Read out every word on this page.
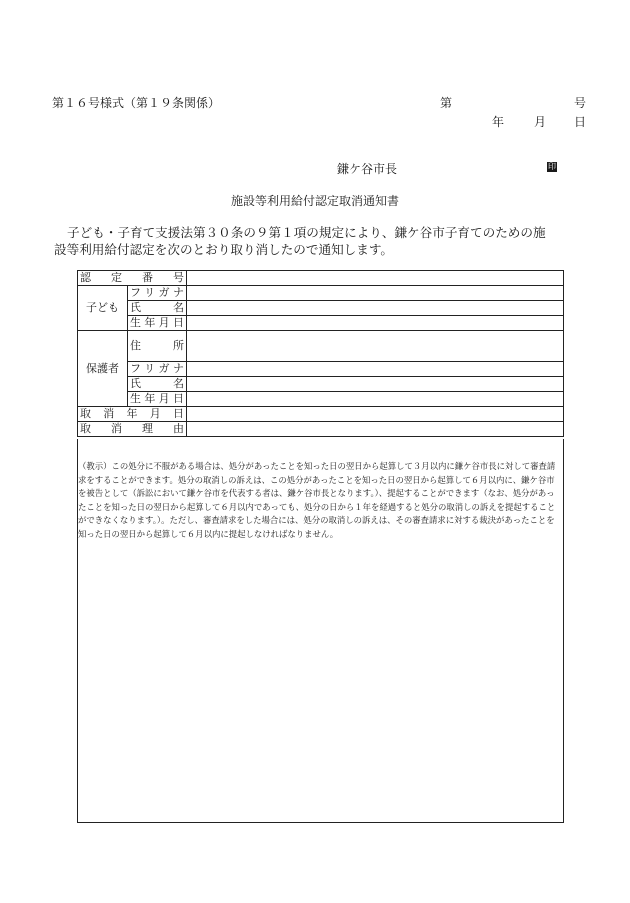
第１６号様式（第１９条関係）	第	号
年 月 日
鎌ケ谷市長	印
施設等利用給付認定取消通知書
子ども・子育て支援法第３０条の９第１項の規定により、鎌ケ谷市子育てのための施設等利用給付認定を次のとおり取り消したので通知します。
認定番号		
子ども	フリガナ	
	氏名	
	生年月日	
保護者	住所	
	フリガナ	
	氏名	
	生年月日	
取消年月日		
取消理由		
（教示）この処分に不服がある場合は、処分があったことを知った日の翌日から起算して３月以内に鎌ケ谷市長に対して審査請求をすることができます。処分の取消しの訴えは、この処分があったことを知った日の翌日から起算して６月以内に、鎌ケ谷市を被告として（訴訟において鎌ケ谷市を代表する者は、鎌ケ谷市長となります。）、提起することができます（なお、処分があったことを知った日の翌日から起算して６月以内であっても、処分の日から１年を経過すると処分の取消しの訴えを提起することができなくなります。）。ただし、審査請求をした場合には、処分の取消しの訴えは、その審査請求に対する裁決があったことを知った日の翌日から起算して６月以内に提起しなければなりません。
